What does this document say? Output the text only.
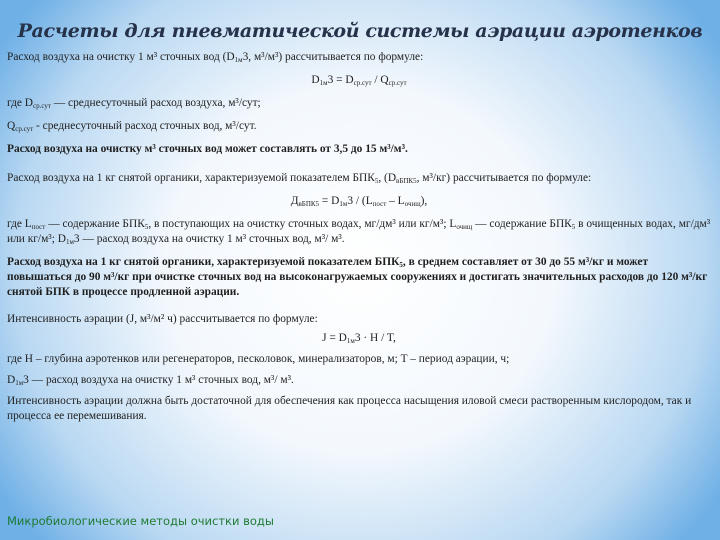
Расчеты для пневматической системы аэрации аэротенков

Расход воздуха на очистку 1 м³ сточных вод ($D_{1м}3$, м³/м³) рассчитывается по формуле:

$D_{1м}3 = D_{ср.сут} / Q_{ср.сут}$

где $D_{ср.сут}$ — среднесуточный расход воздуха, м³/сут;

$Q_{ср.сут}$ - среднесуточный расход сточных вод, м³/сут.

Расход воздуха на очистку м³ сточных вод может составлять от 3,5 до 15 м³/м³.

Расход воздуха на 1 кг снятой органики, характеризуемой показателем $БПК_5$, ($D_{вБПК5}$, м³/кг) рассчитывается по формуле:

$Д_{вБПК5} = D_{1м}3 / (L_{пост} - L_{очищ})$,

где $L_{пост}$ — содержание $БПК_5$, в поступающих на очистку сточных водах, мг/дм³ или кг/м³; $L_{очищ}$ — содержание $БПК_5$ в очищенных водах, мг/дм³ или кг/м³; $D_{1м}3$ — расход воздуха на очистку 1 м³ сточных вод, м³/ м³.

Расход воздуха на 1 кг снятой органики, характеризуемой показателем $БПК_5$, в среднем составляет от 30 до 55 м³/кг и может повышаться до 90 м³/кг при очистке сточных вод на высоконагружаемых сооружениях и достигать значительных расходов до 120 м³/кг снятой БПК в процессе продленной аэрации.

Интенсивность аэрации (J, м³/м² ч) рассчитывается по формуле:

$J = D_{1м}3 \cdot H / T$,

где H – глубина аэротенков или регенераторов, песколовок, минерализаторов, м; T – период аэрации, ч;

$D_{1м}3$ — расход воздуха на очистку 1 м³ сточных вод, м³/ м³.

Интенсивность аэрации должна быть достаточной для обеспечения как процесса насыщения иловой смеси растворенным кислородом, так и процесса ее перемешивания.

Микробиологические методы очистки воды
